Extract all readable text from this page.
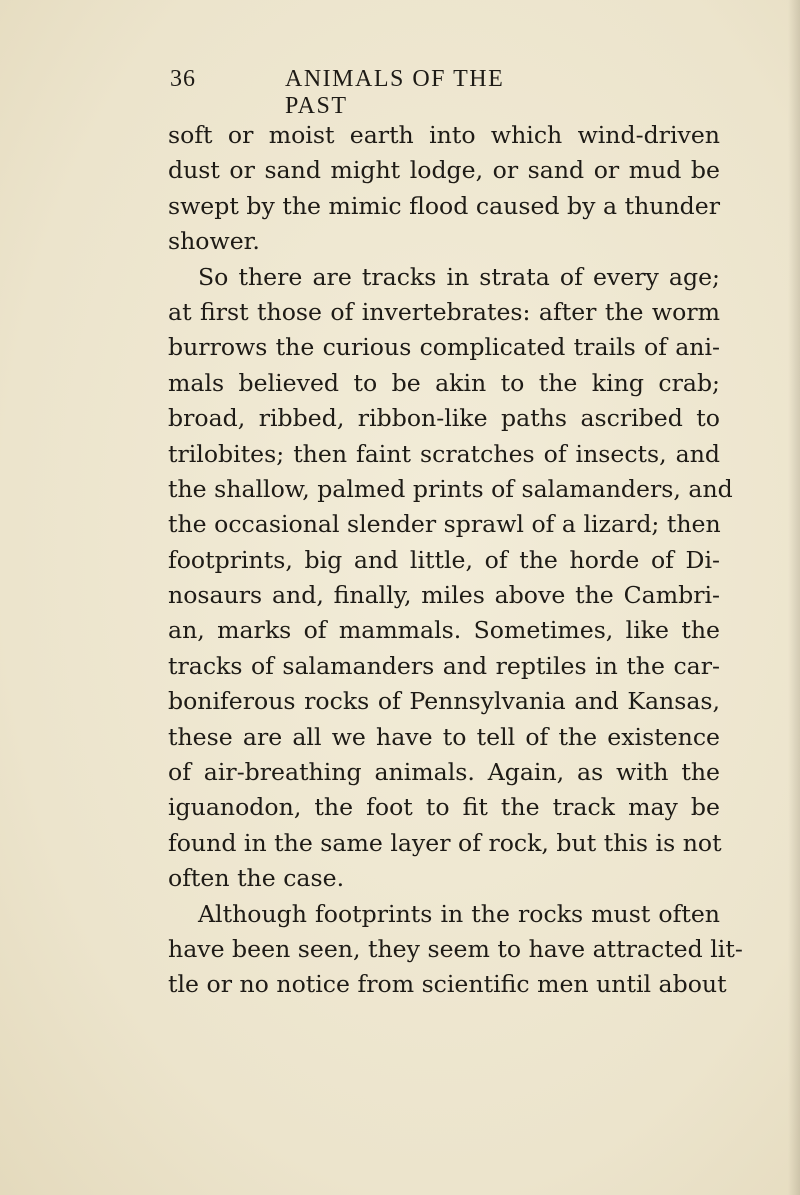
36	ANIMALS OF THE PAST
soft or moist earth into which wind-driven
dust or sand might lodge, or sand or mud be
swept by the mimic flood caused by a thunder
shower.
So there are tracks in strata of every age;
at first those of invertebrates: after the worm
burrows the curious complicated trails of ani-
mals believed to be akin to the king crab;
broad, ribbed, ribbon-like paths ascribed to
trilobites; then faint scratches of insects, and
the shallow, palmed prints of salamanders, and
the occasional slender sprawl of a lizard; then
footprints, big and little, of the horde of Di-
nosaurs and, finally, miles above the Cambri-
an, marks of mammals. Sometimes, like the
tracks of salamanders and reptiles in the car-
boniferous rocks of Pennsylvania and Kansas,
these are all we have to tell of the existence
of air-breathing animals. Again, as with the
iguanodon, the foot to fit the track may be
found in the same layer of rock, but this is not
often the case.
Although footprints in the rocks must often
have been seen, they seem to have attracted lit-
tle or no notice from scientific men until about
